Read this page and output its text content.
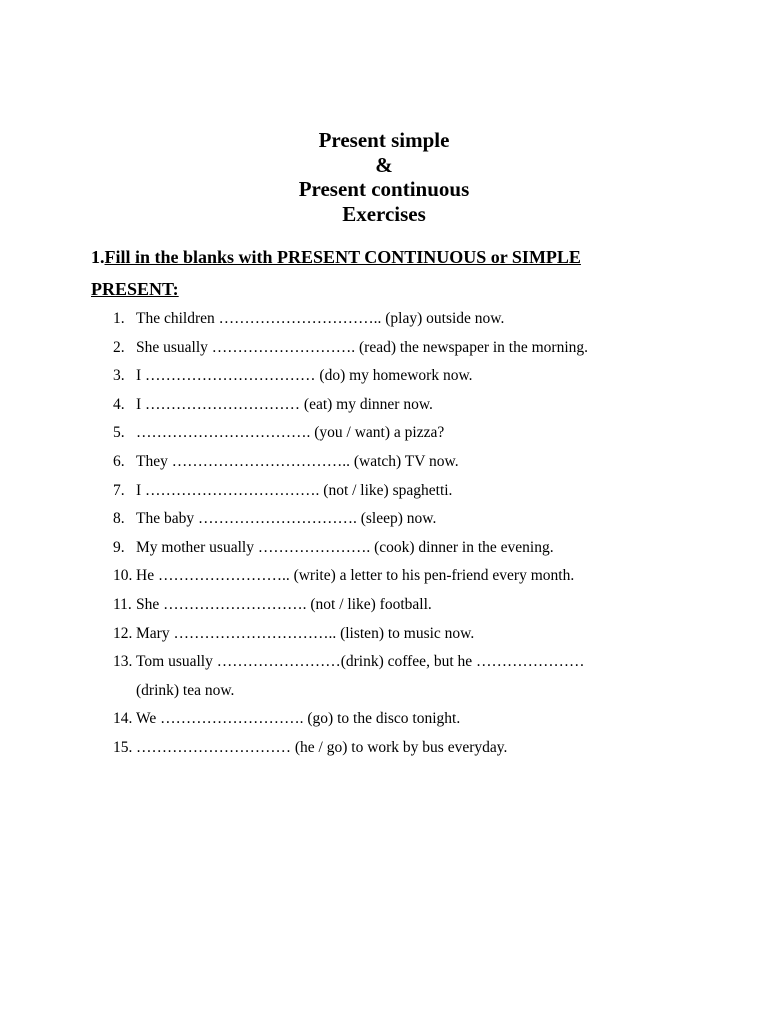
Present simple
&
Present continuous
Exercises
1.Fill in the blanks with PRESENT CONTINUOUS or SIMPLE
PRESENT:
1. The children ………………………….. (play) outside now.
2. She usually ………………………. (read) the newspaper in the morning.
3. I …………………………… (do) my homework now.
4. I ………………………… (eat) my dinner now.
5. ……………………………. (you / want) a pizza?
6. They …………………………….. (watch) TV now.
7. I ……………………………. (not / like) spaghetti.
8. The baby …………………………. (sleep) now.
9. My mother usually …………………. (cook) dinner in the evening.
10. He …………………….. (write) a letter to his pen-friend every month.
11. She ………………………. (not / like) football.
12. Mary ………………………….. (listen) to music now.
13. Tom usually ……………………(drink) coffee, but he …………………
(drink) tea now.
14. We ………………………. (go) to the disco tonight.
15. ………………………… (he / go) to work by bus everyday.
